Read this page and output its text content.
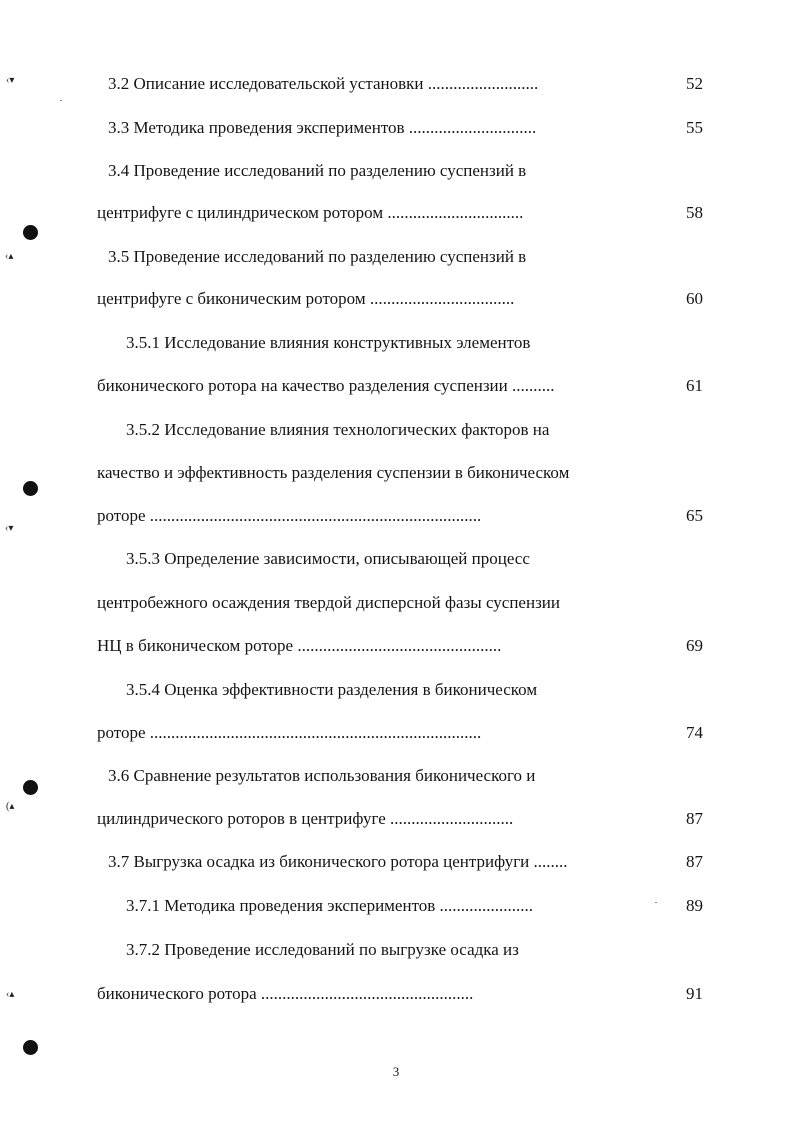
‹▾
‹▴
‹▾
(▴
‹▴
3.2 Описание исследовательской установки ..........................	52
3.3 Методика проведения экспериментов ..............................	55
3.4 Проведение исследований по разделению суспензий в
центрифуге с цилиндрическом ротором ................................	58
3.5 Проведение исследований по разделению суспензий в
центрифуге с биконическим ротором ..................................	60
3.5.1 Исследование влияния конструктивных элементов
биконического ротора на качество разделения суспензии ..........	61
3.5.2 Исследование влияния технологических факторов на
качество и эффективность разделения суспензии в биконическом
роторе ..............................................................................	65
3.5.3 Определение зависимости, описывающей процесс
центробежного осаждения твердой дисперсной фазы суспензии
НЦ в биконическом роторе ................................................	69
3.5.4 Оценка эффективности разделения в биконическом
роторе ..............................................................................	74
3.6 Сравнение результатов использования биконического и
цилиндрического роторов в центрифуге .............................	87
3.7 Выгрузка осадка из биконического ротора центрифуги ........	87
3.7.1 Методика проведения экспериментов ......................	89
3.7.2 Проведение исследований по выгрузке осадка из
биконического ротора ..................................................	91
3
